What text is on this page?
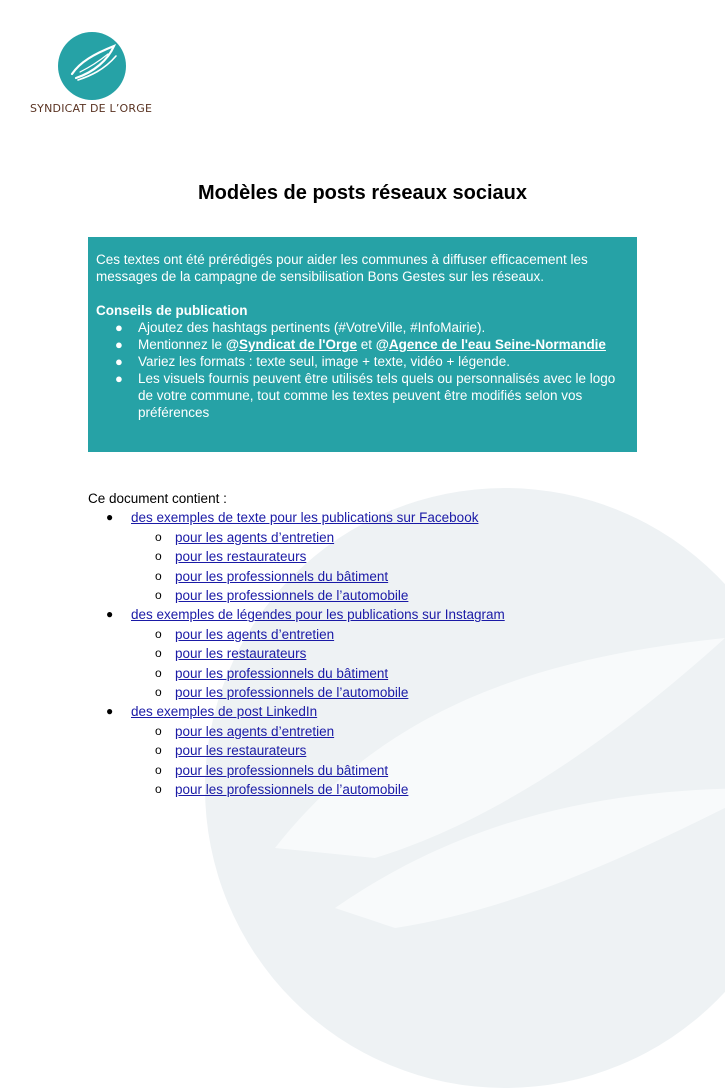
SYNDICAT DE L’ORGE
Modèles de posts réseaux sociaux

Ces textes ont été prérédigés pour aider les communes à diffuser efficacement les messages de la campagne de sensibilisation Bons Gestes sur les réseaux.

Conseils de publication

● Ajoutez des hashtags pertinents (#VotreVille, #InfoMairie).
● Mentionnez le @Syndicat de l'Orge et @Agence de l'eau Seine-Normandie
● Variez les formats : texte seul, image + texte, vidéo + légende.
● Les visuels fournis peuvent être utilisés tels quels ou personnalisés avec le logo de votre commune, tout comme les textes peuvent être modifiés selon vos préférences

Ce document contient :

● des exemples de texte pour les publications sur Facebook
o pour les agents d’entretien
o pour les restaurateurs
o pour les professionnels du bâtiment
o pour les professionnels de l’automobile
● des exemples de légendes pour les publications sur Instagram
o pour les agents d’entretien
o pour les restaurateurs
o pour les professionnels du bâtiment
o pour les professionnels de l’automobile
● des exemples de post LinkedIn
o pour les agents d’entretien
o pour les restaurateurs
o pour les professionnels du bâtiment
o pour les professionnels de l’automobile
